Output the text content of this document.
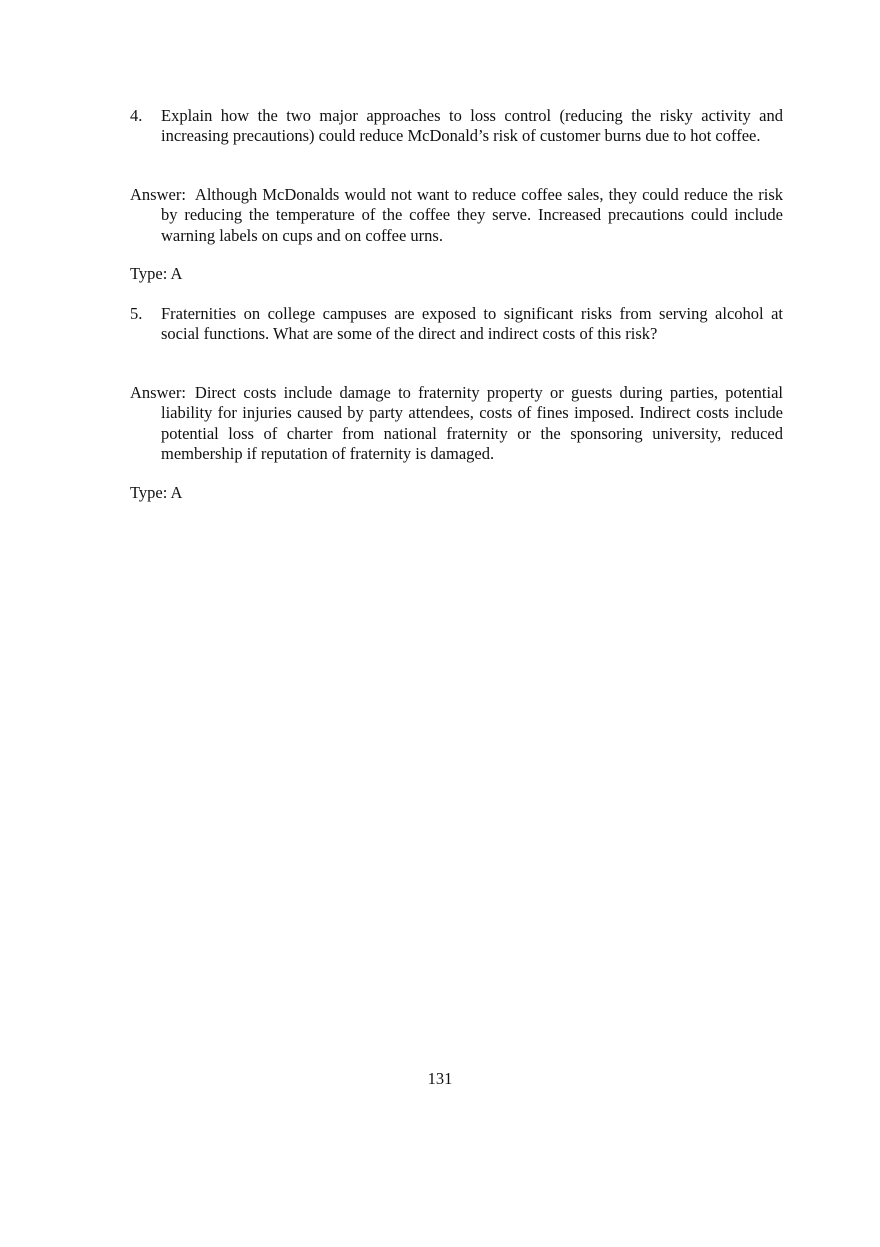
4. Explain how the two major approaches to loss control (reducing the risky activity and increasing precautions) could reduce McDonald’s risk of customer burns due to hot coffee.
Answer: Although McDonalds would not want to reduce coffee sales, they could reduce the risk by reducing the temperature of the coffee they serve. Increased precautions could include warning labels on cups and on coffee urns.
Type: A
5. Fraternities on college campuses are exposed to significant risks from serving alcohol at social functions. What are some of the direct and indirect costs of this risk?
Answer: Direct costs include damage to fraternity property or guests during parties, potential liability for injuries caused by party attendees, costs of fines imposed. Indirect costs include potential loss of charter from national fraternity or the sponsoring university, reduced membership if reputation of fraternity is damaged.
Type: A
131
